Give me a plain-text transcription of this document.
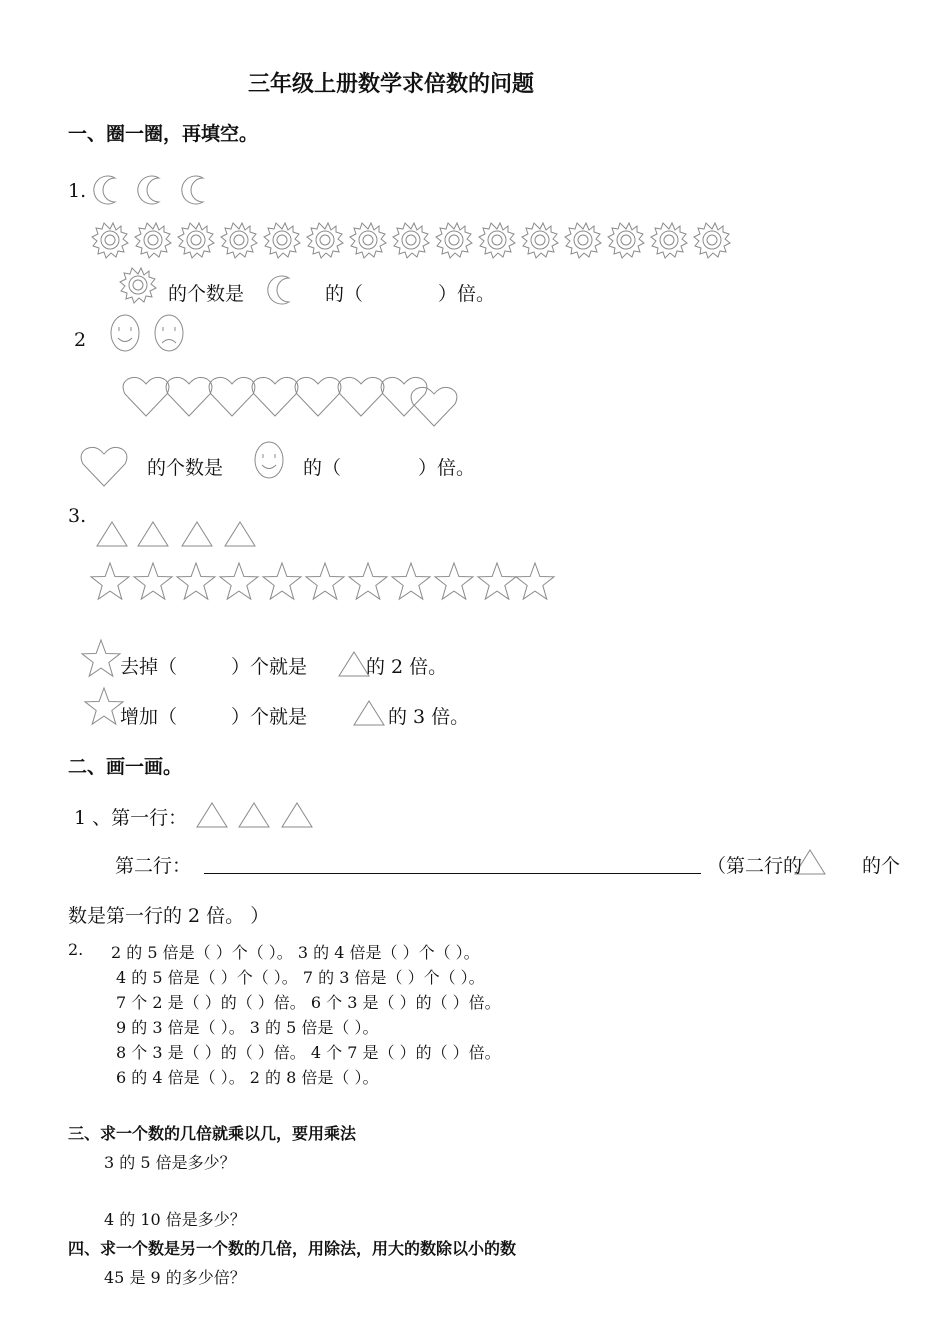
三年级上册数学求倍数的问题
一、圈一圈，再填空。
1.
的个数是	的（	）倍。
2
的个数是	的（	）倍。
3.
去掉（	）个就是	的 2 倍。
增加（	）个就是	的 3 倍。
二、画一画。
1 、第一行：
第二行：	（第二行的	的个
数是第一行的 2 倍。 ）
2. 2 的 5 倍是（ ）个（ ）。 3 的 4 倍是（ ）个（ ）。
4 的 5 倍是（ ）个（ ）。 7 的 3 倍是（ ）个（ ）。
7 个 2 是（ ）的（ ）倍。 6 个 3 是（ ）的（ ）倍。
9 的 3 倍是（ ）。 3 的 5 倍是（ ）。
8 个 3 是（ ）的（ ）倍。 4 个 7 是（ ）的（ ）倍。
6 的 4 倍是（ ）。 2 的 8 倍是（ ）。
三、求一个数的几倍就乘以几，要用乘法
3 的 5 倍是多少？
4 的 10 倍是多少？
四、求一个数是另一个数的几倍，用除法，用大的数除以小的数
45 是 9 的多少倍？
